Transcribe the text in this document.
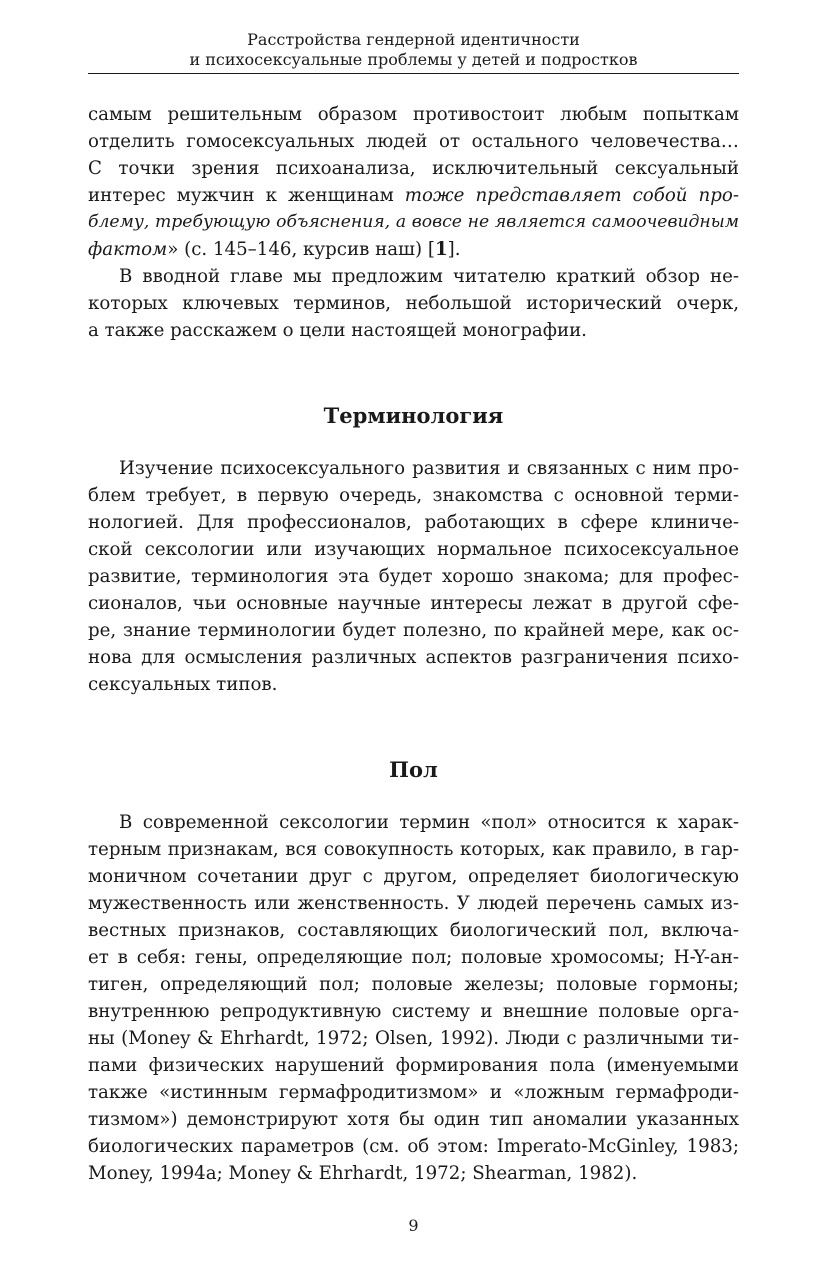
Расстройства гендерной идентичности
и психосексуальные проблемы у детей и подростков
самым решительным образом противостоит любым попыткам
отделить гомосексуальных людей от остального человечества…
С точки зрения психоанализа, исключительный сексуальный
интерес мужчин к женщинам тоже представляет собой про-
блему, требующую объяснения, а вовсе не является самоочевидным
фактом» (с. 145–146, курсив наш) [1].
В вводной главе мы предложим читателю краткий обзор не-
которых ключевых терминов, небольшой исторический очерк,
а также расскажем о цели настоящей монографии.
Терминология
Изучение психосексуального развития и связанных с ним про-
блем требует, в первую очередь, знакомства с основной терми-
нологией. Для профессионалов, работающих в сфере клиниче-
ской сексологии или изучающих нормальное психосексуальное
развитие, терминология эта будет хорошо знакома; для профес-
сионалов, чьи основные научные интересы лежат в другой сфе-
ре, знание терминологии будет полезно, по крайней мере, как ос-
нова для осмысления различных аспектов разграничения психо-
сексуальных типов.
Пол
В современной сексологии термин «пол» относится к харак-
терным признакам, вся совокупность которых, как правило, в гар-
моничном сочетании друг с другом, определяет биологическую
мужественность или женственность. У людей перечень самых из-
вестных признаков, составляющих биологический пол, включа-
ет в себя: гены, определяющие пол; половые хромосомы; H-Y-ан-
тиген, определяющий пол; половые железы; половые гормоны;
внутреннюю репродуктивную систему и внешние половые орга-
ны (Money & Ehrhardt, 1972; Olsen, 1992). Люди с различными ти-
пами физических нарушений формирования пола (именуемыми
также «истинным гермафродитизмом» и «ложным гермафроди-
тизмом») демонстрируют хотя бы один тип аномалии указанных
биологических параметров (см. об этом: Imperato-McGinley, 1983;
Money, 1994a; Money & Ehrhardt, 1972; Shearman, 1982).
9
